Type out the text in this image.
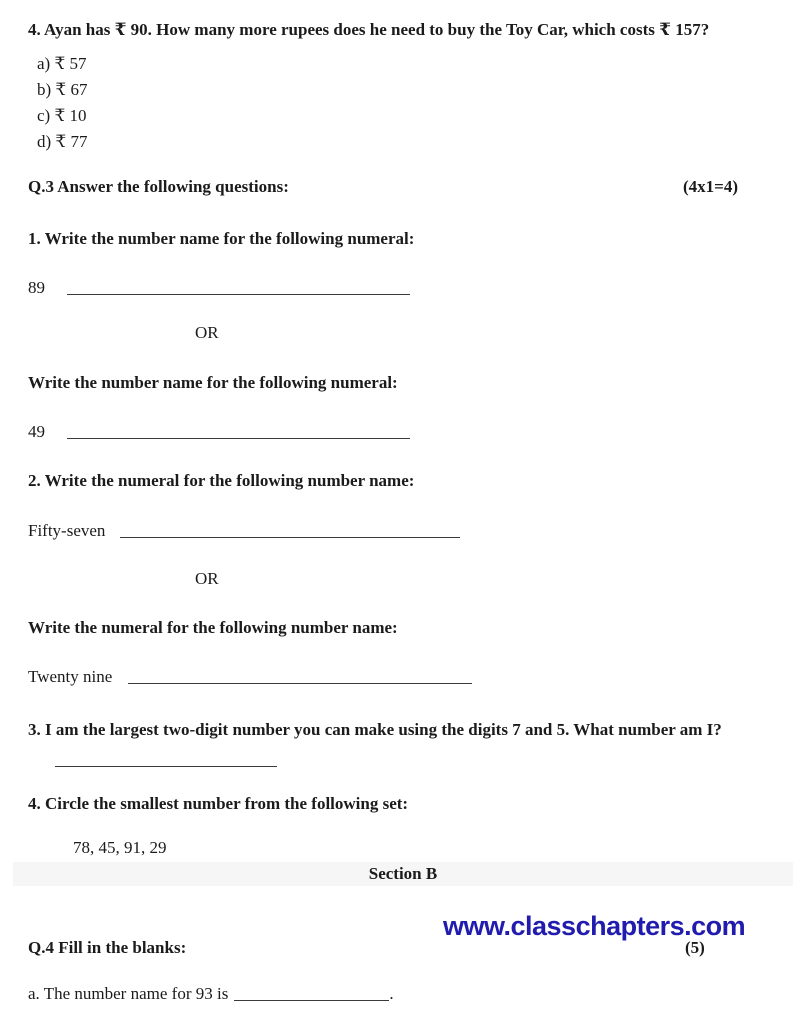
4. Ayan has ₹ 90. How many more rupees does he need to buy the Toy Car, which costs ₹ 157?

a) ₹ 57
b) ₹ 67
c) ₹ 10
d) ₹ 77
Q.3 Answer the following questions:	(4x1=4)

1. Write the number name for the following numeral:

89

OR

Write the number name for the following numeral:

49

2. Write the numeral for the following number name:

Fifty-seven

OR

Write the numeral for the following number name:

Twenty nine

3. I am the largest two-digit number you can make using the digits 7 and 5. What number am I?

4. Circle the smallest number from the following set:

78, 45, 91, 29

Section B
Q.4 Fill in the blanks:	(5)

a. The number name for 93 is	.

www.classchapters.com
